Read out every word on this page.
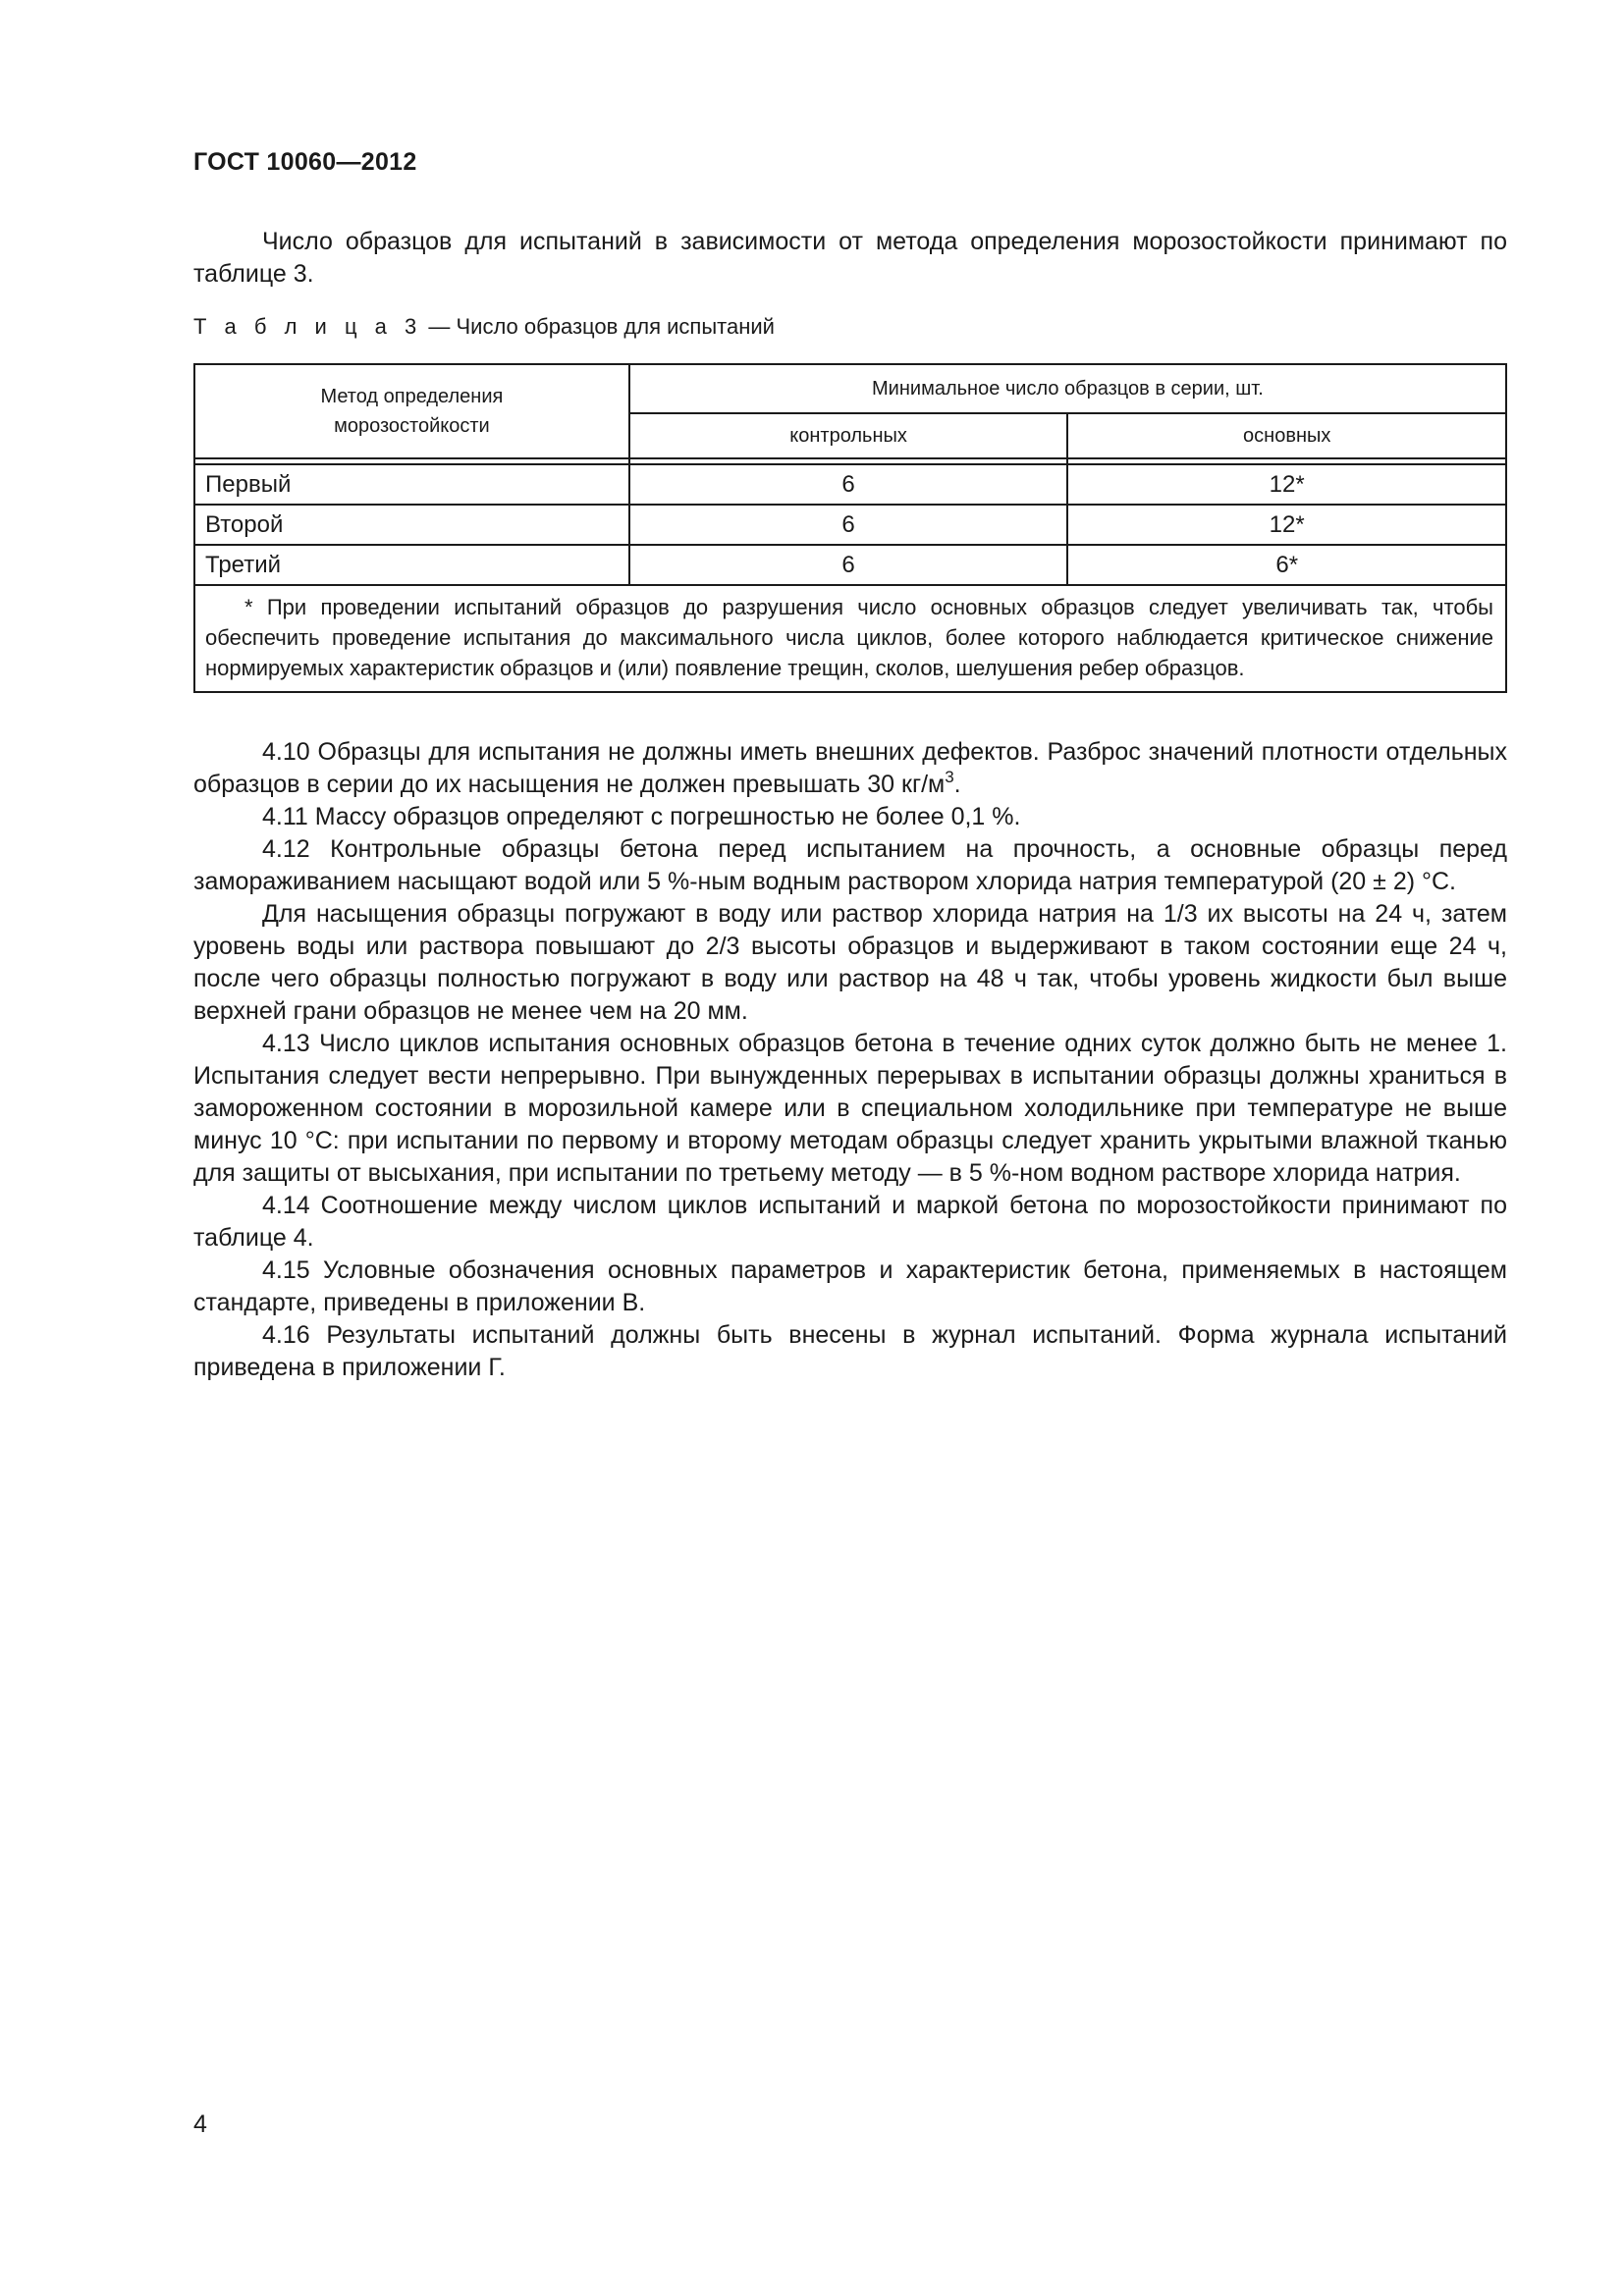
ГОСТ 10060—2012

Число образцов для испытаний в зависимости от метода определения морозостойкости принимают по таблице 3.

Т а б л и ц а 3 — Число образцов для испытаний
Метод определения морозостойкости	Минимальное число образцов в серии, шт.	
	контрольных	основных

Первый	6	12*
Второй	6	12*
Третий	6	6*

* При проведении испытаний образцов до разрушения число основных образцов следует увеличивать так, чтобы обеспечить проведение испытания до максимального числа циклов, более которого наблюдается критическое снижение нормируемых характеристик образцов и (или) появление трещин, сколов, шелушения ребер образцов.		

4.10 Образцы для испытания не должны иметь внешних дефектов. Разброс значений плотности отдельных образцов в серии до их насыщения не должен превышать 30 $кг/м^3$.

4.11 Массу образцов определяют с погрешностью не более 0,1 %.

4.12 Контрольные образцы бетона перед испытанием на прочность, а основные образцы перед замораживанием насыщают водой или 5 %-ным водным раствором хлорида натрия температурой (20 ± 2) °С.

Для насыщения образцы погружают в воду или раствор хлорида натрия на 1/3 их высоты на 24 ч, затем уровень воды или раствора повышают до 2/3 высоты образцов и выдерживают в таком состоянии еще 24 ч, после чего образцы полностью погружают в воду или раствор на 48 ч так, чтобы уровень жидкости был выше верхней грани образцов не менее чем на 20 мм.

4.13 Число циклов испытания основных образцов бетона в течение одних суток должно быть не менее 1. Испытания следует вести непрерывно. При вынужденных перерывах в испытании образцы должны храниться в замороженном состоянии в морозильной камере или в специальном холодильнике при температуре не выше минус 10 °С: при испытании по первому и второму методам образцы следует хранить укрытыми влажной тканью для защиты от высыхания, при испытании по третьему методу — в 5 %-ном водном растворе хлорида натрия.

4.14 Соотношение между числом циклов испытаний и маркой бетона по морозостойкости принимают по таблице 4.

4.15 Условные обозначения основных параметров и характеристик бетона, применяемых в настоящем стандарте, приведены в приложении В.

4.16 Результаты испытаний должны быть внесены в журнал испытаний. Форма журнала испытаний приведена в приложении Г.

4
